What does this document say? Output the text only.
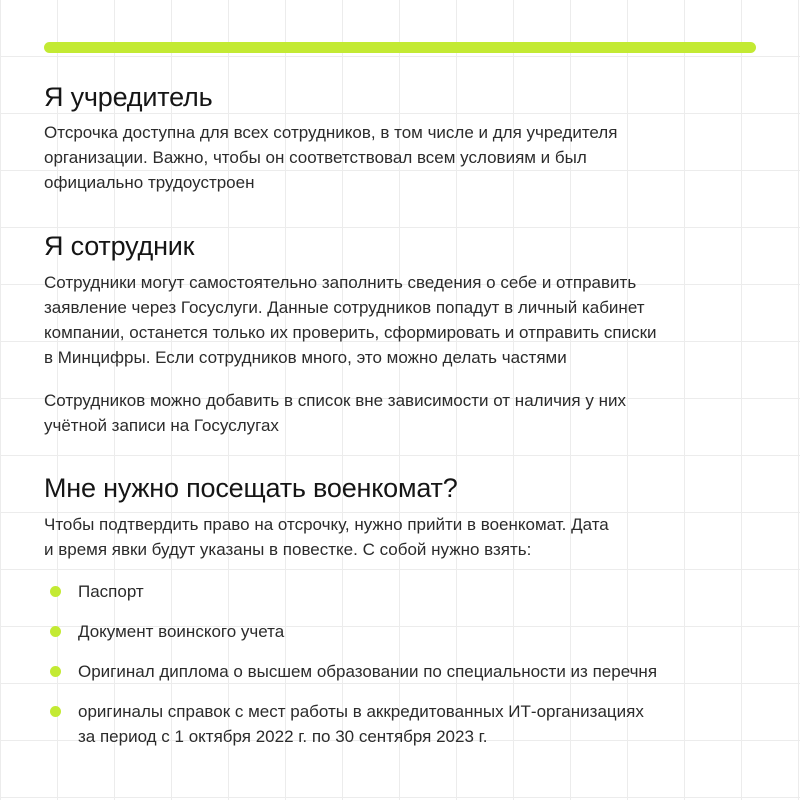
Я учредитель

Отсрочка доступна для всех сотрудников, в том числе и для учредителя
организации. Важно, чтобы он соответствовал всем условиям и был
официально трудоустроен

Я сотрудник

Сотрудники могут самостоятельно заполнить сведения о себе и отправить
заявление через Госуслуги. Данные сотрудников попадут в личный кабинет
компании, останется только их проверить, сформировать и отправить списки
в Минцифры. Если сотрудников много, это можно делать частями

Сотрудников можно добавить в список вне зависимости от наличия у них
учётной записи на Госуслугах

Мне нужно посещать военкомат?

Чтобы подтвердить право на отсрочку, нужно прийти в военкомат. Дата
и время явки будут указаны в повестке. С собой нужно взять:

Паспорт
Документ воинского учета
Оригинал диплома о высшем образовании по специальности из перечня
оригиналы справок с мест работы в аккредитованных ИТ-организациях
за период с 1 октября 2022 г. по 30 сентября 2023 г.
